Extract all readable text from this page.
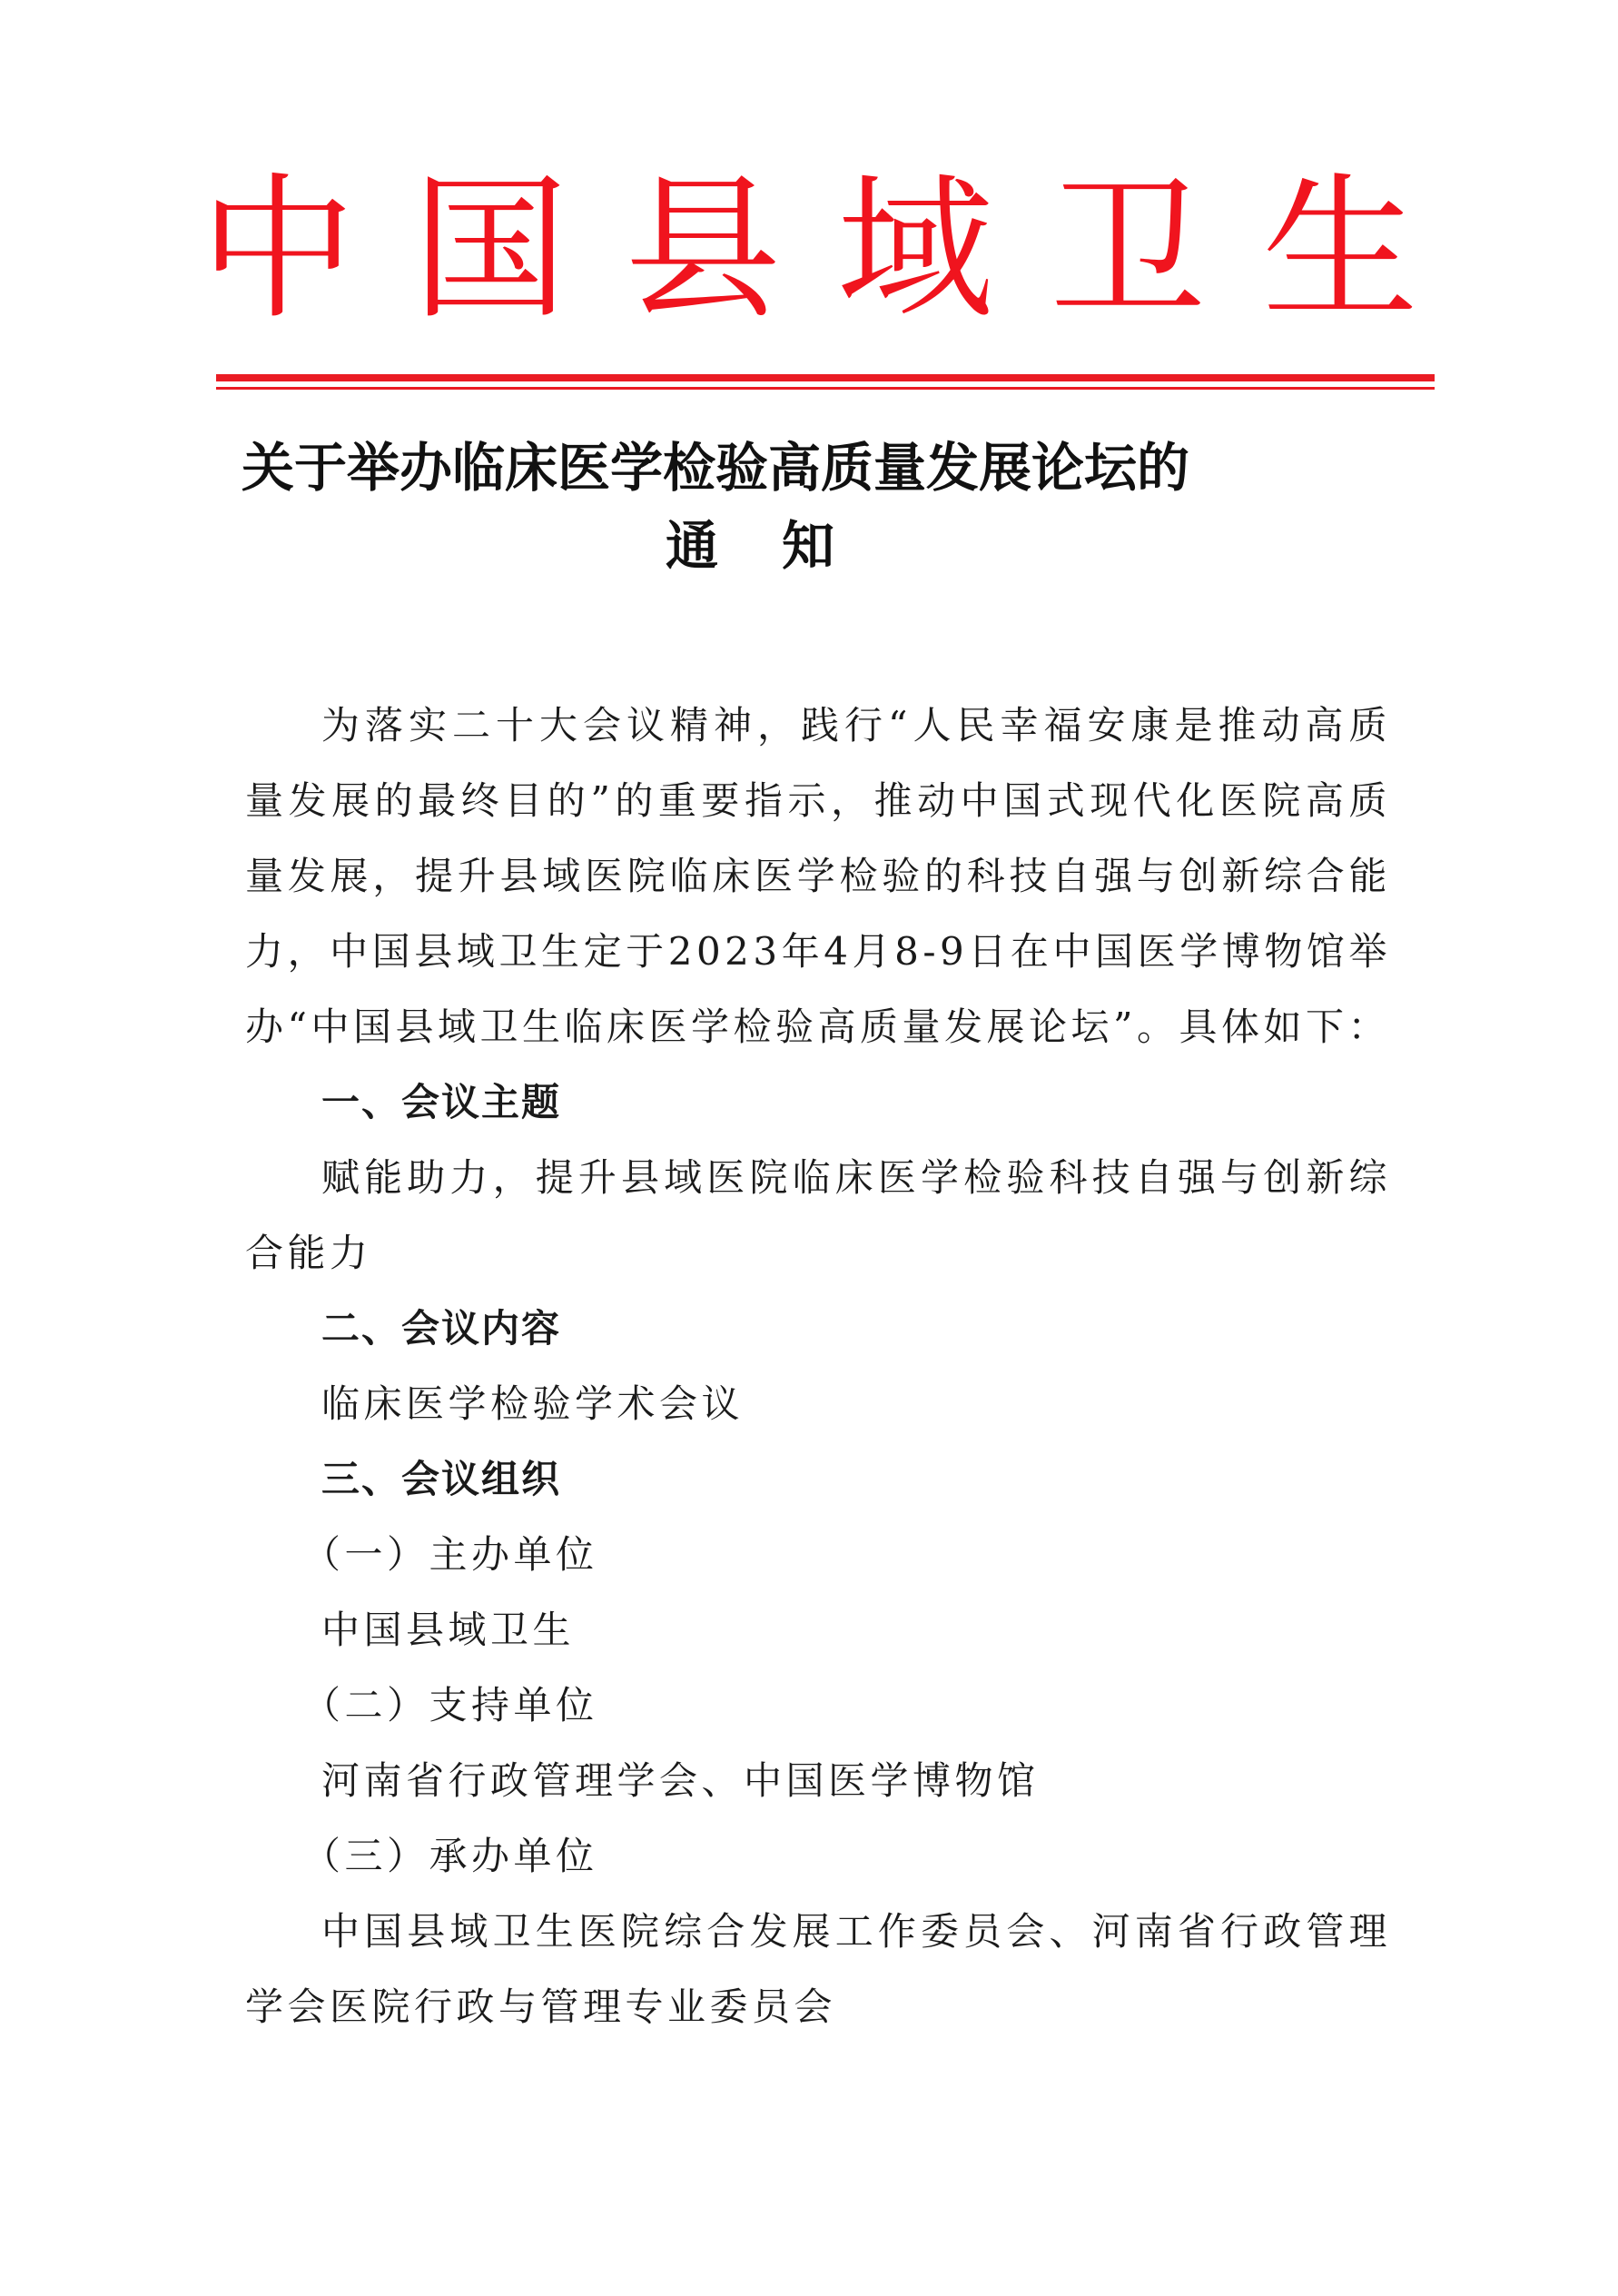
中国县域卫生
关于举办临床医学检验高质量发展论坛的
通知

为落实二十大会议精神，践行“人民幸福安康是推动高质量发展的最终目的”的重要指示，推动中国式现代化医院高质量发展，提升县域医院临床医学检验的科技自强与创新综合能力，中国县域卫生定于2023年4月8-9日在中国医学博物馆举办“中国县域卫生临床医学检验高质量发展论坛”。具体如下：

一、会议主题

赋能助力，提升县域医院临床医学检验科技自强与创新综合能力

二、会议内容

临床医学检验学术会议

三、会议组织

（一）主办单位

中国县域卫生

（二）支持单位

河南省行政管理学会、中国医学博物馆

（三）承办单位

中国县域卫生医院综合发展工作委员会、河南省行政管理学会医院行政与管理专业委员会
